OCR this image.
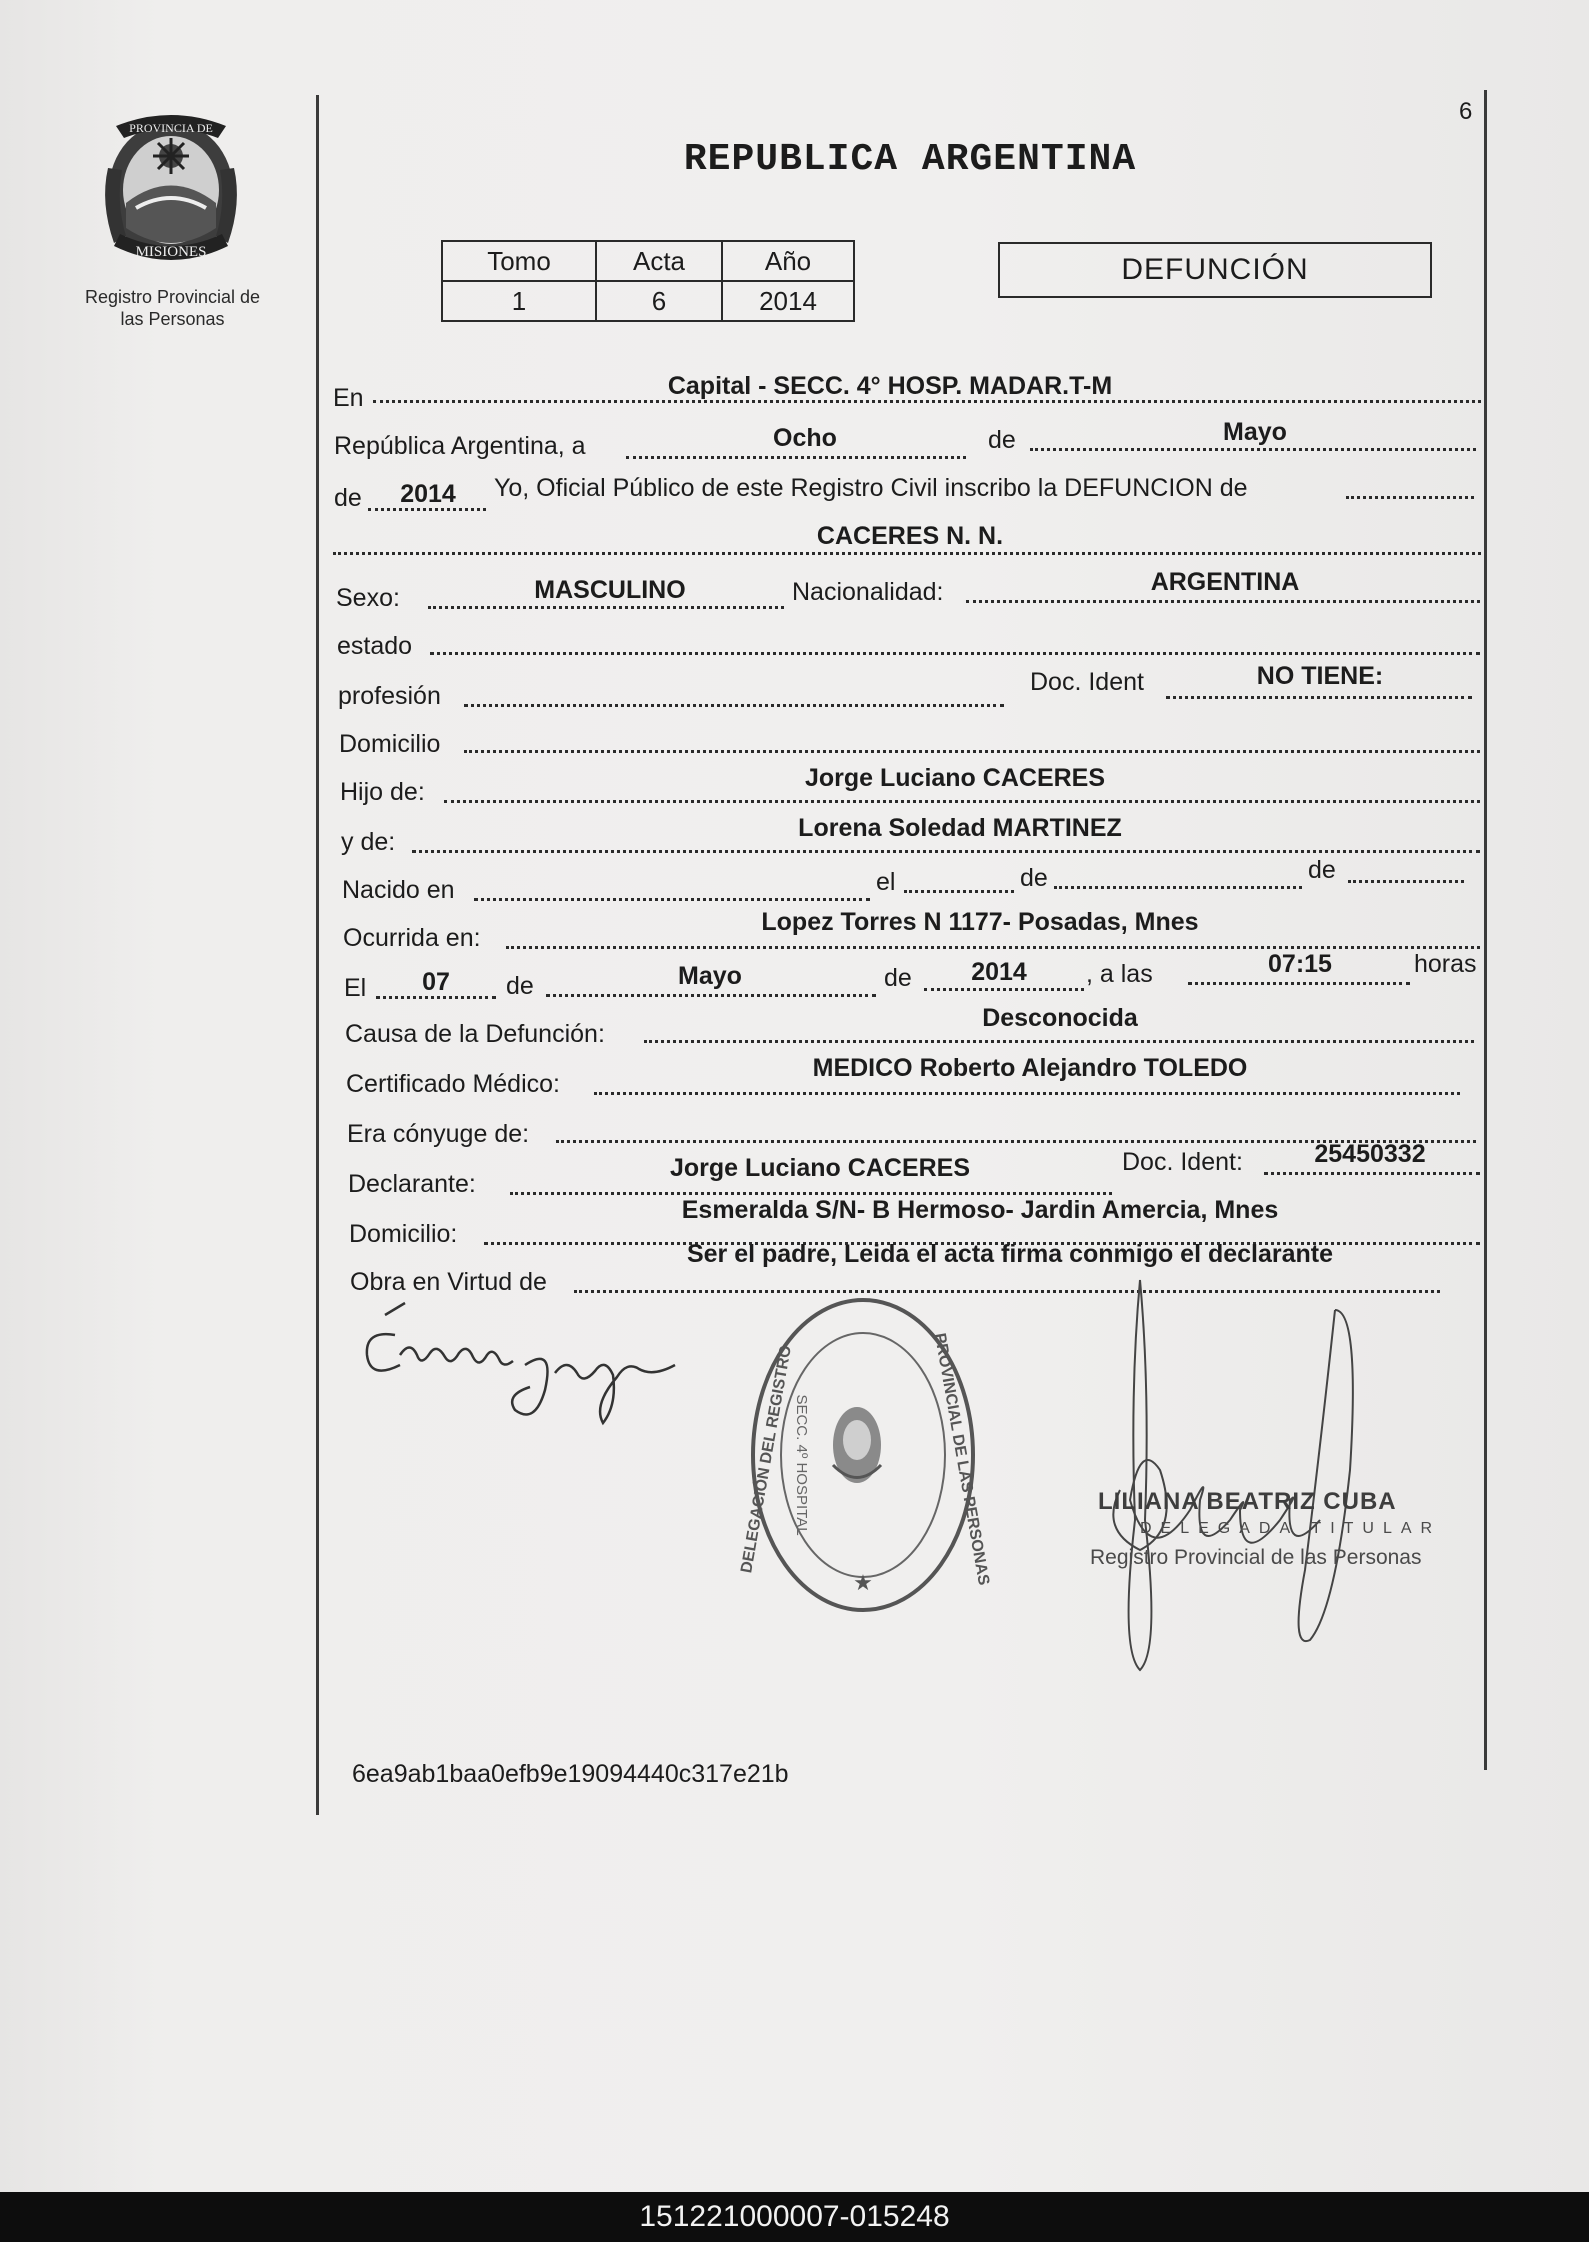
PROVINCIA DE
MISIONES
Registro Provincial de
las Personas
6
REPUBLICA ARGENTINA
Tomo	Acta	Año
1	6	2014
DEFUNCIÓN
En	Capital - SECC. 4° HOSP. MADAR.T-M
República Argentina, a	Ocho	de	Mayo
de	2014	Yo, Oficial Público de este Registro Civil inscribo la DEFUNCION de
CACERES N. N.
Sexo:	MASCULINO	Nacionalidad:	ARGENTINA
estado
profesión	Doc. Ident	NO TIENE:
Domicilio
Hijo de:	Jorge Luciano CACERES
y de:	Lorena Soledad MARTINEZ
Nacido en	el	de	de
Ocurrida en:
Lopez Torres N 1177- Posadas, Mnes
El	07	de	Mayo	de	2014	, a las	07:15	horas
Causa de la Defunción:
Desconocida
Certificado Médico:
MEDICO Roberto Alejandro TOLEDO
Era cónyuge de:
Declarante:
Jorge Luciano CACERES	Doc. Ident:	25450332
Domicilio:
Esmeralda S/N- B Hermoso- Jardin Amercia, Mnes
Obra en Virtud de
Ser el padre, Leida el acta firma conmigo el declarante
★
DELEGACIÓN DEL REGISTRO	PROVINCIAL DE LAS PERSONAS
SECC. 4º HOSPITAL	LILIANA BEATRIZ CUBA
DELEGADA TITULAR
Registro Provincial de las Personas
6ea9ab1baa0efb9e19094440c317e21b
151221000007-015248
